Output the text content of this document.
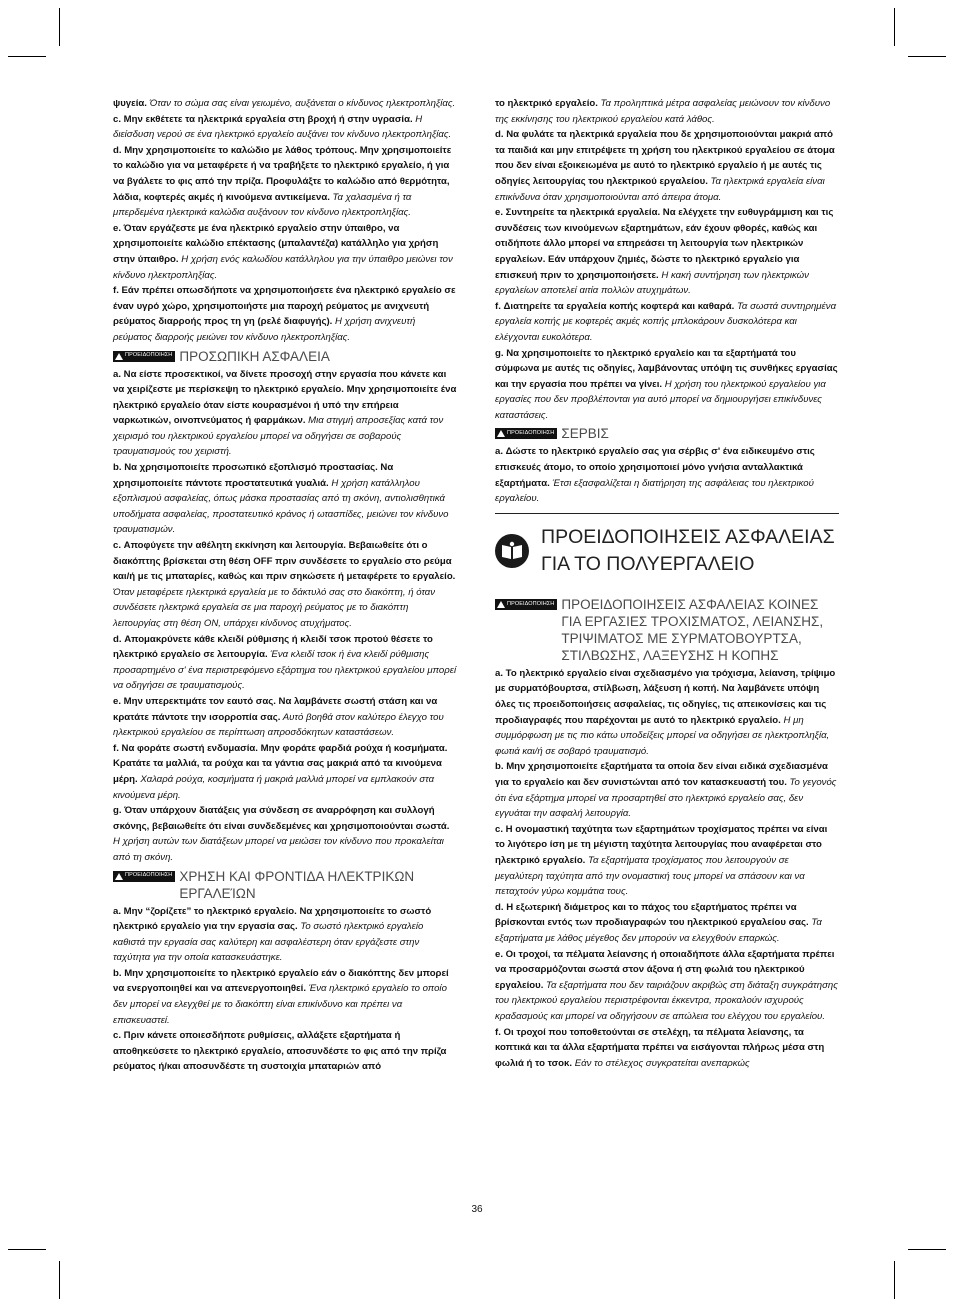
ψυγεία. Όταν το σώμα σας είναι γειωμένο, αυξάνεται ο κίνδυνος ηλεκτροπληξίας.
c. Μην εκθέτετε τα ηλεκτρικά εργαλεία στη βροχή ή στην υγρασία. Η διείσδυση νερού σε ένα ηλεκτρικό εργαλείο αυξάνει τον κίνδυνο ηλεκτροπληξίας.
d. Μην χρησιμοποιείτε το καλώδιο με λάθος τρόπους. Μην χρησιμοποιείτε το καλώδιο για να μεταφέρετε ή να τραβήξετε το ηλεκτρικό εργαλείο, ή για να βγάλετε το φις από την πρίζα. Προφυλάξτε το καλώδιο από θερμότητα, λάδια, κοφτερές ακμές ή κινούμενα αντικείμενα. Τα χαλασμένα ή τα μπερδεμένα ηλεκτρικά καλώδια αυξάνουν τον κίνδυνο ηλεκτροπληξίας.
e. Όταν εργάζεστε με ένα ηλεκτρικό εργαλείο στην ύπαιθρο, να χρησιμοποιείτε καλώδιο επέκτασης (μπαλαντέζα) κατάλληλο για χρήση στην ύπαιθρο. Η χρήση ενός καλωδίου κατάλληλου για την ύπαιθρο μειώνει τον κίνδυνο ηλεκτροπληξίας.
f. Εάν πρέπει οπωσδήποτε να χρησιμοποιήσετε ένα ηλεκτρικό εργαλείο σε έναν υγρό χώρο, χρησιμοποιήστε μια παροχή ρεύματος με ανιχνευτή ρεύματος διαρροής προς τη γη (ρελέ διαφυγής). Η χρήση ανιχνευτή ρεύματος διαρροής μειώνει τον κίνδυνο ηλεκτροπληξίας.
ΠΡΟΕΙΔΟΠΟΙΗΣΗ ΠΡΟΣΩΠΙΚΗ ΑΣΦΑΛΕΙΑ
a. Να είστε προσεκτικοί, να δίνετε προσοχή στην εργασία που κάνετε και να χειρίζεστε με περίσκεψη το ηλεκτρικό εργαλείο. Μην χρησιμοποιείτε ένα ηλεκτρικό εργαλείο όταν είστε κουρασμένοι ή υπό την επήρεια ναρκωτικών, οινοπνεύματος ή φαρμάκων. Μια στιγμή απροσεξίας κατά τον χειρισμό του ηλεκτρικού εργαλείου μπορεί να οδηγήσει σε σοβαρούς τραυματισμούς του χειριστή.
b. Να χρησιμοποιείτε προσωπικό εξοπλισμό προστασίας. Να χρησιμοποιείτε πάντοτε προστατευτικά γυαλιά. Η χρήση κατάλληλου εξοπλισμού ασφαλείας, όπως μάσκα προστασίας από τη σκόνη, αντιολισθητικά υποδήματα ασφαλείας, προστατευτικό κράνος ή ωτασπίδες, μειώνει τον κίνδυνο τραυματισμών.
c. Αποφύγετε την αθέλητη εκκίνηση και λειτουργία. Βεβαιωθείτε ότι ο διακόπτης βρίσκεται στη θέση OFF πριν συνδέσετε το εργαλείο στο ρεύμα και/ή με τις μπαταρίες, καθώς και πριν σηκώσετε ή μεταφέρετε το εργαλείο. Όταν μεταφέρετε ηλεκτρικά εργαλεία με το δάκτυλό σας στο διακόπτη, ή όταν συνδέσετε ηλεκτρικά εργαλεία σε μια παροχή ρεύματος με το διακόπτη λειτουργίας στη θέση ON, υπάρχει κίνδυνος ατυχήματος.
d. Απομακρύνετε κάθε κλειδί ρύθμισης ή κλειδί τσοκ προτού θέσετε το ηλεκτρικό εργαλείο σε λειτουργία. Ένα κλειδί τσοκ ή ένα κλειδί ρύθμισης προσαρτημένο σ' ένα περιστρεφόμενο εξάρτημα του ηλεκτρικού εργαλείου μπορεί να οδηγήσει σε τραυματισμούς.
e. Μην υπερεκτιμάτε τον εαυτό σας. Να λαμβάνετε σωστή στάση και να κρατάτε πάντοτε την ισορροπία σας. Αυτό βοηθά στον καλύτερο έλεγχο του ηλεκτρικού εργαλείου σε περίπτωση απροσδόκητων καταστάσεων.
f. Να φοράτε σωστή ενδυμασία. Μην φοράτε φαρδιά ρούχα ή κοσμήματα. Κρατάτε τα μαλλιά, τα ρούχα και τα γάντια σας μακριά από τα κινούμενα μέρη. Χαλαρά ρούχα, κοσμήματα ή μακριά μαλλιά μπορεί να εμπλακούν στα κινούμενα μέρη.
g. Όταν υπάρχουν διατάξεις για σύνδεση σε αναρρόφηση και συλλογή σκόνης, βεβαιωθείτε ότι είναι συνδεδεμένες και χρησιμοποιούνται σωστά. Η χρήση αυτών των διατάξεων μπορεί να μειώσει τον κίνδυνο που προκαλείται από τη σκόνη.
ΠΡΟΕΙΔΟΠΟΙΗΣΗ ΧΡΗΣΗ ΚΑΙ ΦΡΟΝΤΙΔΑ ΗΛΕΚΤΡΙΚΩΝ ΕΡΓΑΛΕΊΩΝ
a. Μην “ζορίζετε” το ηλεκτρικό εργαλείο. Να χρησιμοποιείτε το σωστό ηλεκτρικό εργαλείο για την εργασία σας. Το σωστό ηλεκτρικό εργαλείο καθιστά την εργασία σας καλύτερη και ασφαλέστερη όταν εργάζεστε στην ταχύτητα για την οποία κατασκευάστηκε.
b. Μην χρησιμοποιείτε το ηλεκτρικό εργαλείο εάν ο διακόπτης δεν μπορεί να ενεργοποιηθεί και να απενεργοποιηθεί. Ένα ηλεκτρικό εργαλείο το οποίο δεν μπορεί να ελεγχθεί με το διακόπτη είναι επικίνδυνο και πρέπει να επισκευαστεί.
c. Πριν κάνετε οποιεσδήποτε ρυθμίσεις, αλλάξετε εξαρτήματα ή αποθηκεύσετε το ηλεκτρικό εργαλείο, αποσυνδέστε το φις από την πρίζα ρεύματος ή/και αποσυνδέστε τη συστοιχία μπαταριών από
το ηλεκτρικό εργαλείο. Τα προληπτικά μέτρα ασφαλείας μειώνουν τον κίνδυνο της εκκίνησης του ηλεκτρικού εργαλείου κατά λάθος.
d. Να φυλάτε τα ηλεκτρικά εργαλεία που δε χρησιμοποιούνται μακριά από τα παιδιά και μην επιτρέψετε τη χρήση του ηλεκτρικού εργαλείου σε άτομα που δεν είναι εξοικειωμένα με αυτό το ηλεκτρικό εργαλείο ή με αυτές τις οδηγίες λειτουργίας του ηλεκτρικού εργαλείου. Τα ηλεκτρικά εργαλεία είναι επικίνδυνα όταν χρησιμοποιούνται από άπειρα άτομα.
e. Συντηρείτε τα ηλεκτρικά εργαλεία. Να ελέγχετε την ευθυγράμμιση και τις συνδέσεις των κινούμενων εξαρτημάτων, εάν έχουν φθορές, καθώς και οτιδήποτε άλλο μπορεί να επηρεάσει τη λειτουργία των ηλεκτρικών εργαλείων. Εάν υπάρχουν ζημιές, δώστε το ηλεκτρικό εργαλείο για επισκευή πριν το χρησιμοποιήσετε. Η κακή συντήρηση των ηλεκτρικών εργαλείων αποτελεί αιτία πολλών ατυχημάτων.
f. Διατηρείτε τα εργαλεία κοπής κοφτερά και καθαρά. Τα σωστά συντηρημένα εργαλεία κοπής με κοφτερές ακμές κοπής μπλοκάρουν δυσκολότερα και ελέγχονται ευκολότερα.
g. Να χρησιμοποιείτε το ηλεκτρικό εργαλείο και τα εξαρτήματά του σύμφωνα με αυτές τις οδηγίες, λαμβάνοντας υπόψη τις συνθήκες εργασίας και την εργασία που πρέπει να γίνει. Η χρήση του ηλεκτρικού εργαλείου για εργασίες που δεν προβλέπονται για αυτό μπορεί να δημιουργήσει επικίνδυνες καταστάσεις.
ΠΡΟΕΙΔΟΠΟΙΗΣΗ ΣΕΡΒΙΣ
a. Δώστε το ηλεκτρικό εργαλείο σας για σέρβις σ' ένα ειδικευμένο στις επισκευές άτομο, το οποίο χρησιμοποιεί μόνο γνήσια ανταλλακτικά εξαρτήματα. Έτσι εξασφαλίζεται η διατήρηση της ασφάλειας του ηλεκτρικού εργαλείου.
ΠΡΟΕΙΔΟΠΟΙΗΣΕΙΣ ΑΣΦΑΛΕΙΑΣ ΓΙΑ ΤΟ ΠΟΛΥΕΡΓΑΛΕΙΟ
ΠΡΟΕΙΔΟΠΟΙΗΣΗ ΠΡΟΕΙΔΟΠΟΙΗΣΕΙΣ ΑΣΦΑΛΕΙΑΣ ΚΟΙΝΕΣ ΓΙΑ ΕΡΓΑΣΙΕΣ ΤΡΟΧΙΣΜΑΤΟΣ, ΛΕΙΑΝΣΗΣ, ΤΡΙΨΙΜΑΤΟΣ ΜΕ ΣΥΡΜΑΤΟΒΟΥΡΤΣΑ, ΣΤΙΛΒΩΣΗΣ, ΛΑΞΕΥΣΗΣ Η ΚΟΠΗΣ
a. Το ηλεκτρικό εργαλείο είναι σχεδιασμένο για τρόχισμα, λείανση, τρίψιμο με συρματόβουρτσα, στίλβωση, λάξευση ή κοπή. Να λαμβάνετε υπόψη όλες τις προειδοποιήσεις ασφαλείας, τις οδηγίες, τις απεικονίσεις και τις προδιαγραφές που παρέχονται με αυτό το ηλεκτρικό εργαλείο. Η μη συμμόρφωση με τις πιο κάτω υποδείξεις μπορεί να οδηγήσει σε ηλεκτροπληξία, φωτιά και/ή σε σοβαρό τραυματισμό.
b. Μην χρησιμοποιείτε εξαρτήματα τα οποία δεν είναι ειδικά σχεδιασμένα για το εργαλείο και δεν συνιστώνται από τον κατασκευαστή του. Το γεγονός ότι ένα εξάρτημα μπορεί να προσαρτηθεί στο ηλεκτρικό εργαλείο σας, δεν εγγυάται την ασφαλή λειτουργία.
c. Η ονομαστική ταχύτητα των εξαρτημάτων τροχίσματος πρέπει να είναι το λιγότερο ίση με τη μέγιστη ταχύτητα λειτουργίας που αναφέρεται στο ηλεκτρικό εργαλείο. Τα εξαρτήματα τροχίσματος που λειτουργούν σε μεγαλύτερη ταχύτητα από την ονομαστική τους μπορεί να σπάσουν και να πεταχτούν γύρω κομμάτια τους.
d. Η εξωτερική διάμετρος και το πάχος του εξαρτήματος πρέπει να βρίσκονται εντός των προδιαγραφών του ηλεκτρικού εργαλείου σας. Τα εξαρτήματα με λάθος μέγεθος δεν μπορούν να ελεγχθούν επαρκώς.
e. Οι τροχοί, τα πέλματα λείανσης ή οποιαδήποτε άλλα εξαρτήματα πρέπει να προσαρμόζονται σωστά στον άξονα ή στη φωλιά του ηλεκτρικού εργαλείου. Τα εξαρτήματα που δεν ταιριάζουν ακριβώς στη διάταξη συγκράτησης του ηλεκτρικού εργαλείου περιστρέφονται έκκεντρα, προκαλούν ισχυρούς κραδασμούς και μπορεί να οδηγήσουν σε απώλεια του ελέγχου του εργαλείου.
f. Οι τροχοί που τοποθετούνται σε στελέχη, τα πέλματα λείανσης, τα κοπτικά και τα άλλα εξαρτήματα πρέπει να εισάγονται πλήρως μέσα στη φωλιά ή το τσοκ. Εάν το στέλεχος συγκρατείται ανεπαρκώς
36
